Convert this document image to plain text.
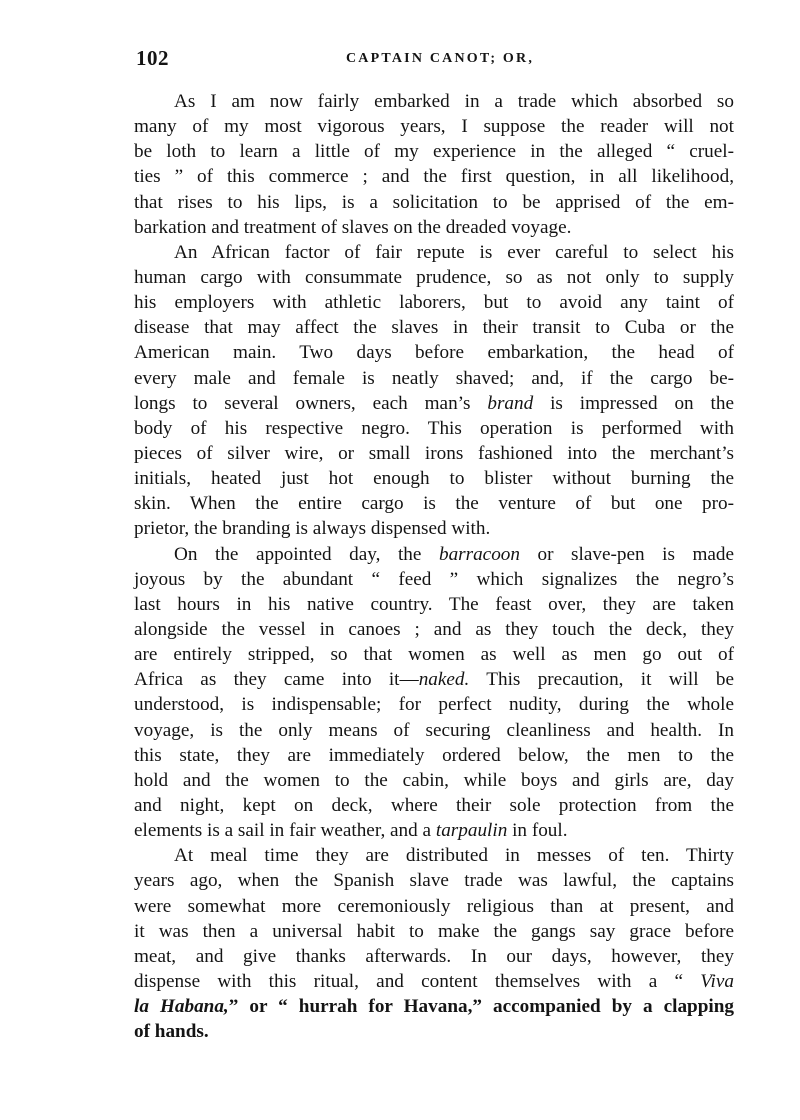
102	CAPTAIN CANOT; OR,
As I am now fairly embarked in a trade which absorbed so
many of my most vigorous years, I suppose the reader will not
be loth to learn a little of my experience in the alleged “ cruel-
ties ” of this commerce ; and the first question, in all likelihood,
that rises to his lips, is a solicitation to be apprised of the em-
barkation and treatment of slaves on the dreaded voyage.
An African factor of fair repute is ever careful to select his
human cargo with consummate prudence, so as not only to supply
his employers with athletic laborers, but to avoid any taint of
disease that may affect the slaves in their transit to Cuba or the
American main. Two days before embarkation, the head of
every male and female is neatly shaved; and, if the cargo be-
longs to several owners, each man’s brand is impressed on the
body of his respective negro. This operation is performed with
pieces of silver wire, or small irons fashioned into the merchant’s
initials, heated just hot enough to blister without burning the
skin. When the entire cargo is the venture of but one pro-
prietor, the branding is always dispensed with.
On the appointed day, the barracoon or slave-pen is made
joyous by the abundant “ feed ” which signalizes the negro’s
last hours in his native country. The feast over, they are taken
alongside the vessel in canoes ; and as they touch the deck, they
are entirely stripped, so that women as well as men go out of
Africa as they came into it—naked. This precaution, it will be
understood, is indispensable; for perfect nudity, during the whole
voyage, is the only means of securing cleanliness and health. In
this state, they are immediately ordered below, the men to the
hold and the women to the cabin, while boys and girls are, day
and night, kept on deck, where their sole protection from the
elements is a sail in fair weather, and a tarpaulin in foul.
At meal time they are distributed in messes of ten. Thirty
years ago, when the Spanish slave trade was lawful, the captains
were somewhat more ceremoniously religious than at present, and
it was then a universal habit to make the gangs say grace before
meat, and give thanks afterwards. In our days, however, they
dispense with this ritual, and content themselves with a “ Viva
la Habana,” or “ hurrah for Havana,” accompanied by a clapping
of hands.
